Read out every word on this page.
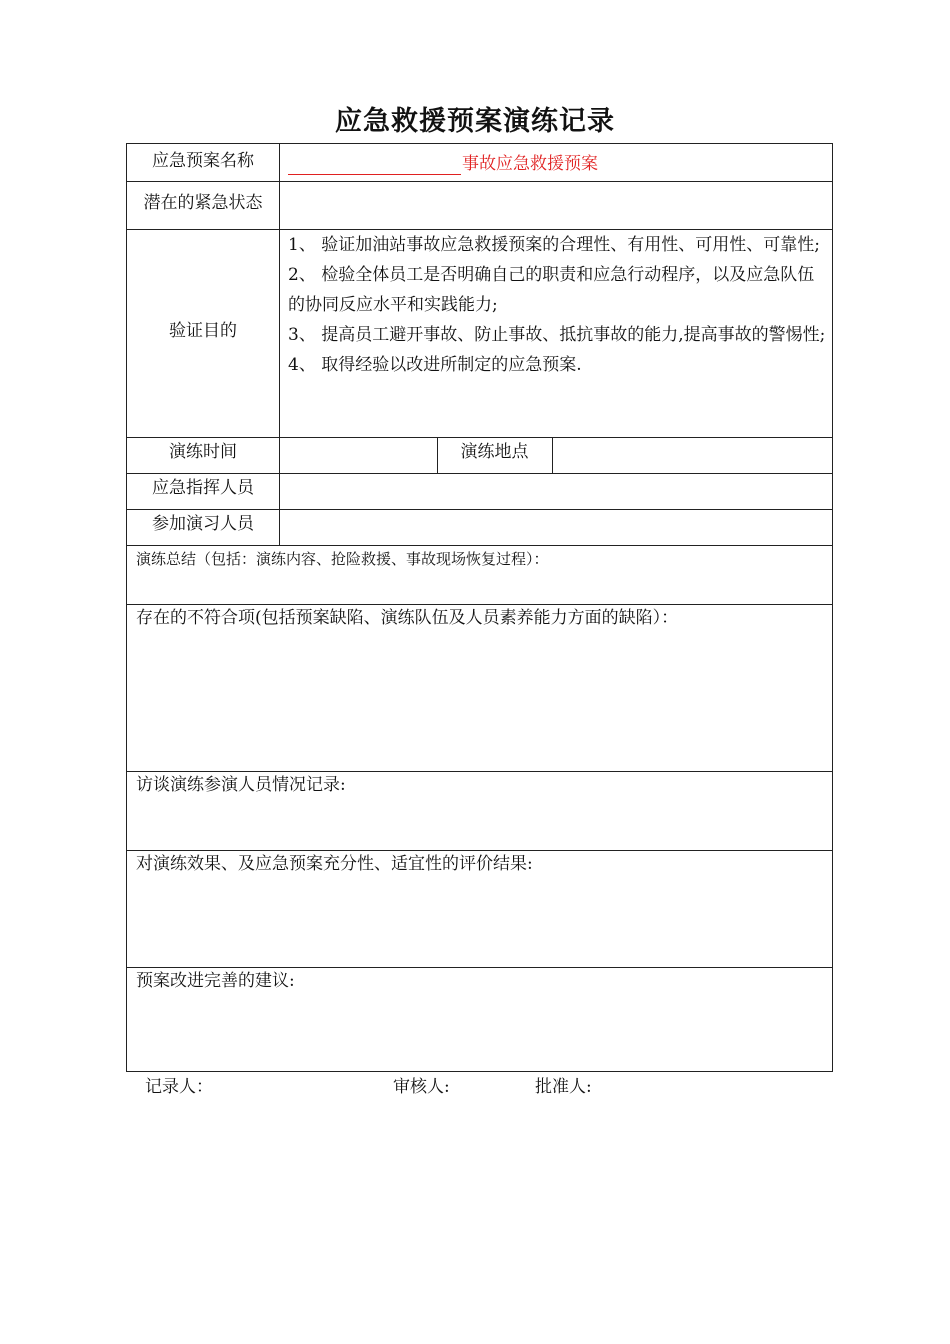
应急救援预案演练记录
应急预案名称	事故应急救援预案
潜在的紧急状态
验证目的
1、 验证加油站事故应急救援预案的合理性、有用性、可用性、可靠性;
2、 检验全体员工是否明确自己的职责和应急行动程序，以及应急队伍的协同反应水平和实践能力;
3、 提高员工避开事故、防止事故、抵抗事故的能力,提高事故的警惕性;
4、 取得经验以改进所制定的应急预案.
演练时间	演练地点
应急指挥人员
参加演习人员
演练总结（包括：演练内容、抢险救援、事故现场恢复过程）：
存在的不符合项(包括预案缺陷、演练队伍及人员素养能力方面的缺陷）：
访谈演练参演人员情况记录:
对演练效果、及应急预案充分性、适宜性的评价结果:
预案改进完善的建议:
记录人：	审核人:	批准人:
